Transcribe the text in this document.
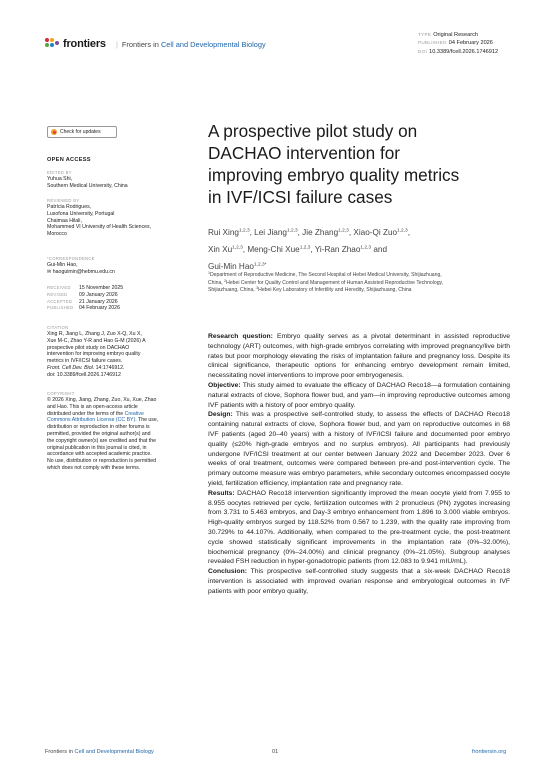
frontiers | Frontiers in Cell and Developmental Biology
TYPE Original Research
PUBLISHED 04 February 2026
DOI 10.3389/fcell.2026.1746912
Check for updates
OPEN ACCESS
EDITED BY
Yuhua Shi,
Southern Medical University, China
REVIEWED BY
Patrícia Rodrigues,
Lusofona University, Portugal
Chaimaa Hilali,
Mohammed VI University of Health Sciences,
Morocco
*CORRESPONDENCE
Gui-Min Hao,
✉ haoguimin@hebmu.edu.cn
RECEIVED 15 November 2025
REVISED 09 January 2026
ACCEPTED 21 January 2026
PUBLISHED 04 February 2026
CITATION
Xing R, Jiang L, Zhang J, Zuo X-Q, Xu X,
Xue M-C, Zhao Y-R and Hao G-M (2026) A
prospective pilot study on DACHAO
intervention for improving embryo quality
metrics in IVF/ICSI failure cases.
Front. Cell Dev. Biol. 14:1746912.
doi: 10.3389/fcell.2026.1746912
COPYRIGHT
© 2026 Xing, Jiang, Zhang, Zuo, Xu, Xue, Zhao
and Hao. This is an open-access article
distributed under the terms of the Creative
Commons Attribution License (CC BY). The use,
distribution or reproduction in other forums is
permitted, provided the original author(s) and
the copyright owner(s) are credited and that the
original publication in this journal is cited, in
accordance with accepted academic practice.
No use, distribution or reproduction is permitted
which does not comply with these terms.
A prospective pilot study on
DACHAO intervention for
improving embryo quality metrics
in IVF/ICSI failure cases
Rui Xing$^{1,2,3}$, Lei Jiang$^{1,2,3}$, Jie Zhang$^{1,2,3}$, Xiao-Qi Zuo$^{1,2,3}$,
Xin Xu$^{1,2,3}$, Meng-Chi Xue$^{1,2,3}$, Yi-Ran Zhao$^{1,2,3}$ and
Gui-Min Hao$^{1,2,3*}$
$^1$Department of Reproductive Medicine, The Second Hospital of Hebei Medical University, Shijiazhuang,
China, $^2$Hebei Center for Quality Control and Management of Human Assisted Reproductive Technology,
Shijiazhuang, China, $^3$Hebei Key Laboratory of Infertility and Heredity, Shijiazhuang, China

Research question: Embryo quality serves as a pivotal determinant in assisted reproductive technology (ART) outcomes, with high-grade embryos correlating with improved pregnancy/live birth rates but poor morphology elevating the risks of implantation failure and pregnancy loss. Despite its clinical significance, therapeutic options for enhancing embryo development remain limited, necessitating novel interventions to improve poor embryogenesis.

Objective: This study aimed to evaluate the efficacy of DACHAO Reco18—a formulation containing natural extracts of clove, Sophora flower bud, and yam—in improving reproductive outcomes among IVF patients with a history of poor embryo quality.

Design: This was a prospective self-controlled study, to assess the effects of DACHAO Reco18 containing natural extracts of clove, Sophora flower bud, and yam on reproductive outcomes in 68 IVF patients (aged 20–40 years) with a history of IVF/ICSI failure and documented poor embryo quality (≤20% high-grade embryos and no surplus embryos). All participants had previously undergone IVF/ICSI treatment at our center between January 2022 and December 2023. Over 6 weeks of oral treatment, outcomes were compared between pre-and post-intervention cycle. The primary outcome measure was embryo parameters, while secondary outcomes encompassed oocyte yield, fertilization efficiency, implantation rate and pregnancy rate.

Results: DACHAO Reco18 intervention significantly improved the mean oocyte yield from 7.955 to 8.955 oocytes retrieved per cycle, fertilization outcomes with 2 pronucleus (PN) zygotes increasing from 3.731 to 5.463 embryos, and Day-3 embryo enhancement from 1.896 to 3.000 viable embryos. High-quality embryos surged by 118.52% from 0.567 to 1.239, with the quality rate improving from 30.729% to 44.107%. Additionally, when compared to the pre-treatment cycle, the post-treatment cycle showed statistically significant improvements in the implantation rate (0%–32.00%), biochemical pregnancy (0%–24.00%) and clinical pregnancy (0%–21.05%). Subgroup analyses revealed FSH reduction in hyper-gonadotropic patients (from 12.083 to 9.941 mIU/mL).

Conclusion: This prospective self-controlled study suggests that a six-week DACHAO Reco18 intervention is associated with improved ovarian response and embryological outcomes in IVF patients with poor embryo quality,

Frontiers in Cell and Developmental Biology	01	frontiersin.org
